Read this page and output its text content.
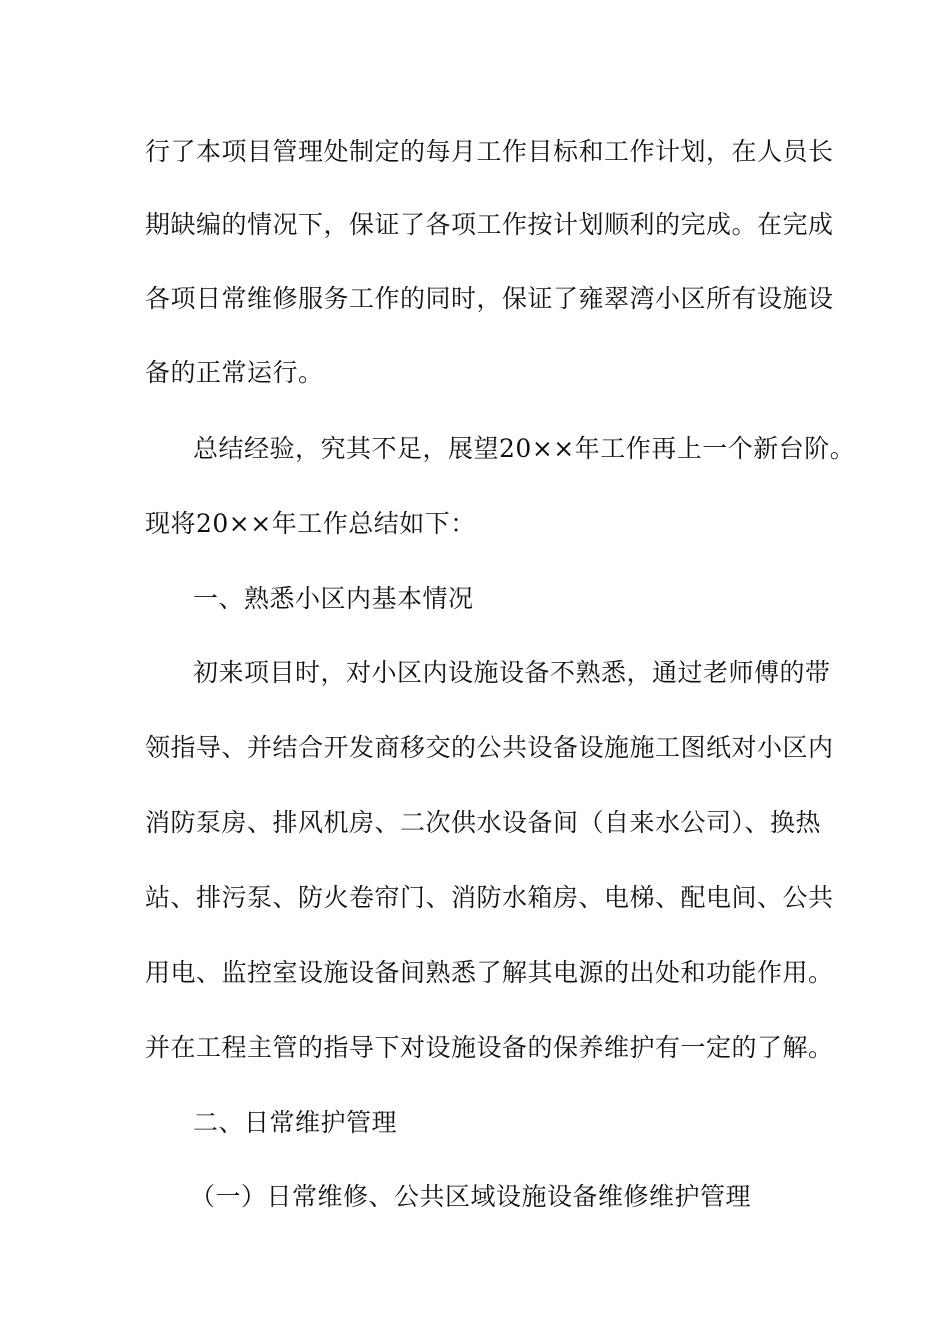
行了本项目管理处制定的每月工作目标和工作计划，在人员长
期缺编的情况下，保证了各项工作按计划顺利的完成。在完成
各项日常维修服务工作的同时，保证了雍翠湾小区所有设施设
备的正常运行。
总结经验，究其不足，展望20××年工作再上一个新台阶。
现将20××年工作总结如下：
一、熟悉小区内基本情况
初来项目时，对小区内设施设备不熟悉，通过老师傅的带
领指导、并结合开发商移交的公共设备设施施工图纸对小区内
消防泵房、排风机房、二次供水设备间（自来水公司）、换热
站、排污泵、防火卷帘门、消防水箱房、电梯、配电间、公共
用电、监控室设施设备间熟悉了解其电源的出处和功能作用。
并在工程主管的指导下对设施设备的保养维护有一定的了解。
二、日常维护管理
（一）日常维修、公共区域设施设备维修维护管理
